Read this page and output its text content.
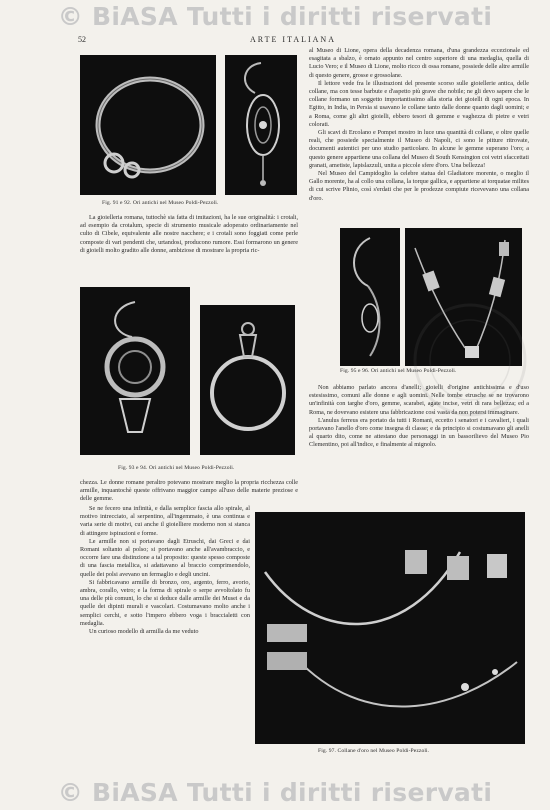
© BiASA Tutti i diritti riservati
© BiASA Tutti i diritti riservati
52	ARTE ITALIANA
Fig. 91 e 92. Ori antichi nel Museo Poldi-Pezzoli.

al Museo di Lione, opera della decadenza romana, d'una grandezza eccezionale ed esagitata a sbalzo, è ornato appunto nel centro superiore di una medaglia, quella di Lucio Vero; e il Museo di Lione, molto ricco di ossa romane, possiede delle altre armille di questo genere, grosse e grossolane.

Il lettore vede fra le illustrazioni del presente scorso sulle gioiellerie antica, delle collane, ma con tesse barbute e d'aspetto più grave che nobile; ne gli devo sapere che le collane formano un soggetto importantissimo alla storia dei gioielli di ogni epoca. In Egitto, in India, in Persia si usavano le collane tanto dalle donne quanto dagli uomini; e a Roma, come gli altri gioielli, ebbero tesori di gemme e vaghezza di pietre e vetri colorati.

Gli scavi di Ercolano e Pompei mostro in luce una quantità di collane, e oltre quelle reali, che possiede specialmente il Museo di Napoli, ci sono le pitture ritrovate, documenti autentici per uno studio particolare. In alcune le gemme superano l'oro; a questo genere appartiene una collana del Museo di South Kensington coi vetri sfaccettati granati, ametiste, lapislazzuli, unita a piccole sfere d'oro. Una bellezza!

Nel Museo del Campidoglio la celebre statua del Gladiatore morente, o meglio il Gallo morente, ha al collo una collana, la torque gallica, e appartiene ai torquatae milites di cui scrive Plinio, così s'erdati che per le prodezze compiute ricevevano una collana d'oro.

La gioielleria romana, tuttochè sia fatta di imitazioni, ha le sue originalità: i crotali, ad esempio da crotalum, specie di strumento musicale adoperato ordinariamente nel culto di Cibele, equivalente alle nostre nacchere; e i crotali sono foggiati come perle composte di vari pendenti che, urtandosi, producono rumore. Essi formarono un genere di gioielli molto gradito alle donne, ambiziose di mostrare la propria ric-

Fig. 95 e 96. Ori antichi nel Museo Poldi-Pezzoli.
Fig. 93 e 94. Ori antichi nel Museo Poldi-Pezzoli.

Non abbiamo parlato ancora d'anelli; gioielli d'origine antichissima e d'uso estesissimo, comuni alle donne e agli uomini. Nelle tombe etrusche se ne trovarono un'infinità con targhe d'oro, gemme, scarabei, agate incise, vetri di rara bellezza; ed a Roma, ne dovevano esistere una fabbricazione così vasta da non potersi immaginare.

L'anulus ferreus era portato da tutti i Romani, eccetto i senatori e i cavalieri, i quali portavano l'anello d'oro come insegna di classe; e da principio si costumavano gli anelli al quarto dito, come ne attestano due personaggi in un bassorilievo del Museo Pio Clementino, poi all'indice, e finalmente al mignolo.

chezza. Le donne romane peraltro potevano mostrare meglio la propria ricchezza colle armille, inquantochè queste offrivano maggior campo all'uso delle materie preziose e delle gemme.

Se ne fecero una infinità, e dalla semplice fascia allo spirale, al motivo intrecciato, al serpentino, all'ingemmato, è una continua e varia serie di motivi, cui anche il gioielliere moderno non si stanca di attingere ispirazioni e forme.

Le armille non si portavano dagli Etruschi, dai Greci e dai Romani soltanto al polso; si portavano anche all'avambraccio, e occorre fare una distinzione a tal proposito: queste spesso composte di una fascia metallica, si adattavano al braccio comprimendolo, quelle dei polsi avevano un fermaglio e degli uncini.

Si fabbricavano armille di bronzo, oro, argento, ferro, avorio, ambra, corallo, vetro; e la forma di spirale o serpe avvoltolato fu una delle più comuni, lo che si deduce dalle armille dei Musei e da quelle dei dipinti murali e vascolari. Costumavano molto anche i semplici cerchi, e sotto l'impero ebbero voga i braccialetti con medaglia.

Un curioso modello di armilla da me veduto

Fig. 97. Collane d'oro nel Museo Poldi-Pezzoli.
